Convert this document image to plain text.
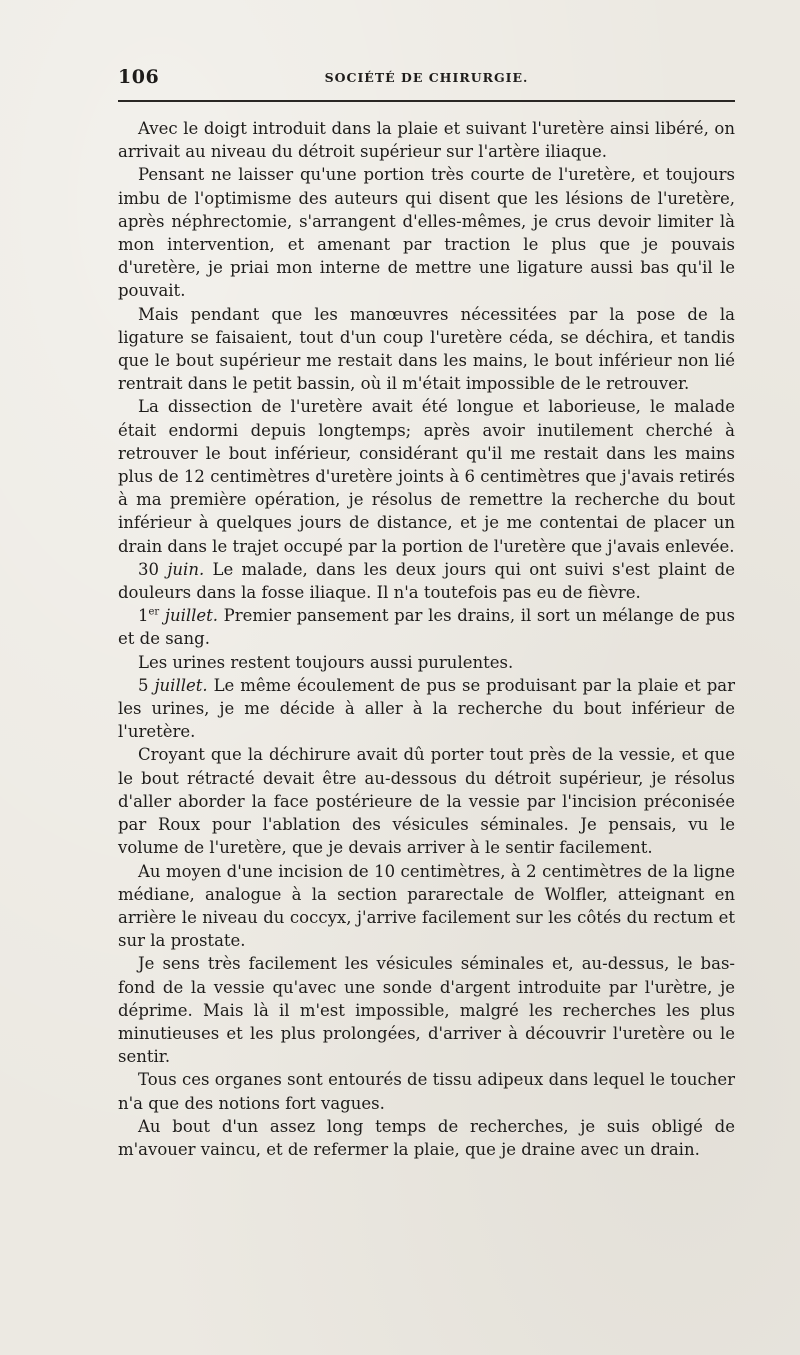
106	SOCIÉTÉ DE CHIRURGIE.

Avec le doigt introduit dans la plaie et suivant l'uretère ainsi libéré, on arrivait au niveau du détroit supérieur sur l'artère iliaque.

Pensant ne laisser qu'une portion très courte de l'uretère, et toujours imbu de l'optimisme des auteurs qui disent que les lésions de l'uretère, après néphrectomie, s'arrangent d'elles-mêmes, je crus devoir limiter là mon intervention, et amenant par traction le plus que je pouvais d'uretère, je priai mon interne de mettre une ligature aussi bas qu'il le pouvait.

Mais pendant que les manœuvres nécessitées par la pose de la ligature se faisaient, tout d'un coup l'uretère céda, se déchira, et tandis que le bout supérieur me restait dans les mains, le bout inférieur non lié rentrait dans le petit bassin, où il m'était impossible de le retrouver.

La dissection de l'uretère avait été longue et laborieuse, le malade était endormi depuis longtemps; après avoir inutilement cherché à retrouver le bout inférieur, considérant qu'il me restait dans les mains plus de 12 centimètres d'uretère joints à 6 centimètres que j'avais retirés à ma première opération, je résolus de remettre la recherche du bout inférieur à quelques jours de distance, et je me contentai de placer un drain dans le trajet occupé par la portion de l'uretère que j'avais enlevée.

30 juin. Le malade, dans les deux jours qui ont suivi s'est plaint de douleurs dans la fosse iliaque. Il n'a toutefois pas eu de fièvre.

1er juillet. Premier pansement par les drains, il sort un mélange de pus et de sang.

Les urines restent toujours aussi purulentes.

5 juillet. Le même écoulement de pus se produisant par la plaie et par les urines, je me décide à aller à la recherche du bout inférieur de l'uretère.

Croyant que la déchirure avait dû porter tout près de la vessie, et que le bout rétracté devait être au-dessous du détroit supérieur, je résolus d'aller aborder la face postérieure de la vessie par l'incision préconisée par Roux pour l'ablation des vésicules séminales. Je pensais, vu le volume de l'uretère, que je devais arriver à le sentir facilement.

Au moyen d'une incision de 10 centimètres, à 2 centimètres de la ligne médiane, analogue à la section pararectale de Wolfler, atteignant en arrière le niveau du coccyx, j'arrive facilement sur les côtés du rectum et sur la prostate.

Je sens très facilement les vésicules séminales et, au-dessus, le bas-fond de la vessie qu'avec une sonde d'argent introduite par l'urètre, je déprime. Mais là il m'est impossible, malgré les recherches les plus minutieuses et les plus prolongées, d'arriver à découvrir l'uretère ou le sentir.

Tous ces organes sont entourés de tissu adipeux dans lequel le toucher n'a que des notions fort vagues.

Au bout d'un assez long temps de recherches, je suis obligé de m'avouer vaincu, et de refermer la plaie, que je draine avec un drain.
